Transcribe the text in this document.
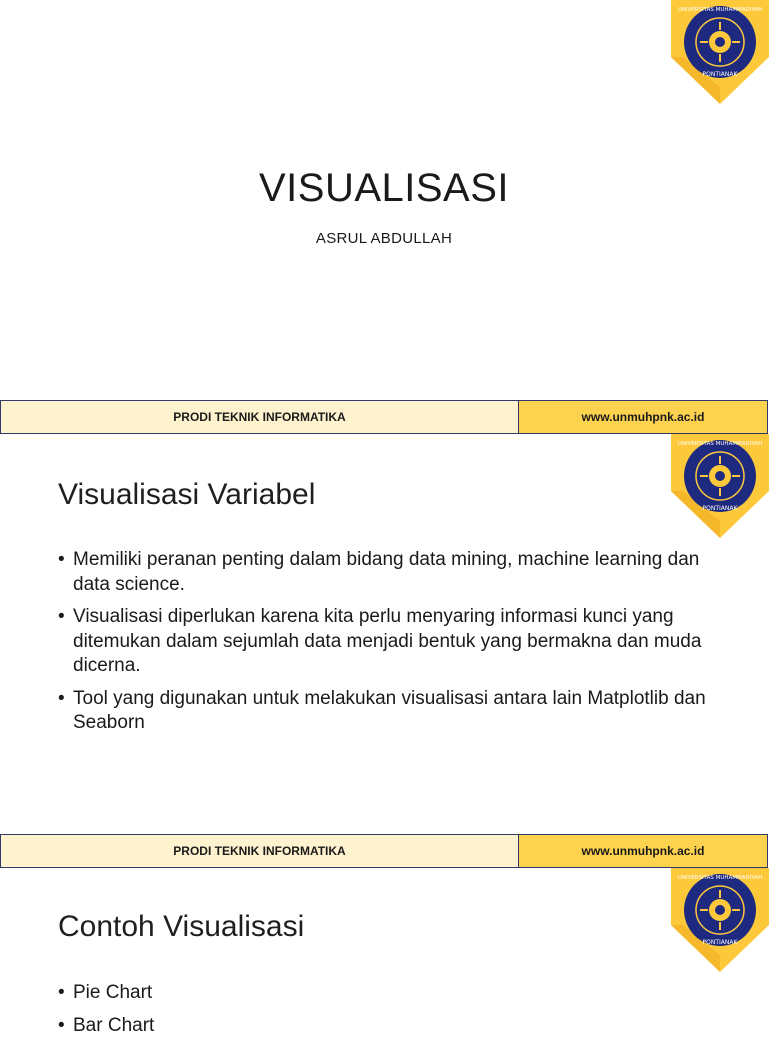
UNIVERSITAS MUHAMMADIYAH
PONTIANAK
VISUALISASI
ASRUL ABDULLAH
PRODI TEKNIK INFORMATIKA	www.unmuhpnk.ac.id
UNIVERSITAS MUHAMMADIYAH
PONTIANAK
Visualisasi Variabel
• Memiliki peranan penting dalam bidang data mining, machine learning dan data science.
• Visualisasi diperlukan karena kita perlu menyaring informasi kunci yang ditemukan dalam sejumlah data menjadi bentuk yang bermakna dan muda dicerna.
• Tool yang digunakan untuk melakukan visualisasi antara lain Matplotlib dan Seaborn
PRODI TEKNIK INFORMATIKA	www.unmuhpnk.ac.id
UNIVERSITAS MUHAMMADIYAH
PONTIANAK
Contoh Visualisasi
• Pie Chart
• Bar Chart
